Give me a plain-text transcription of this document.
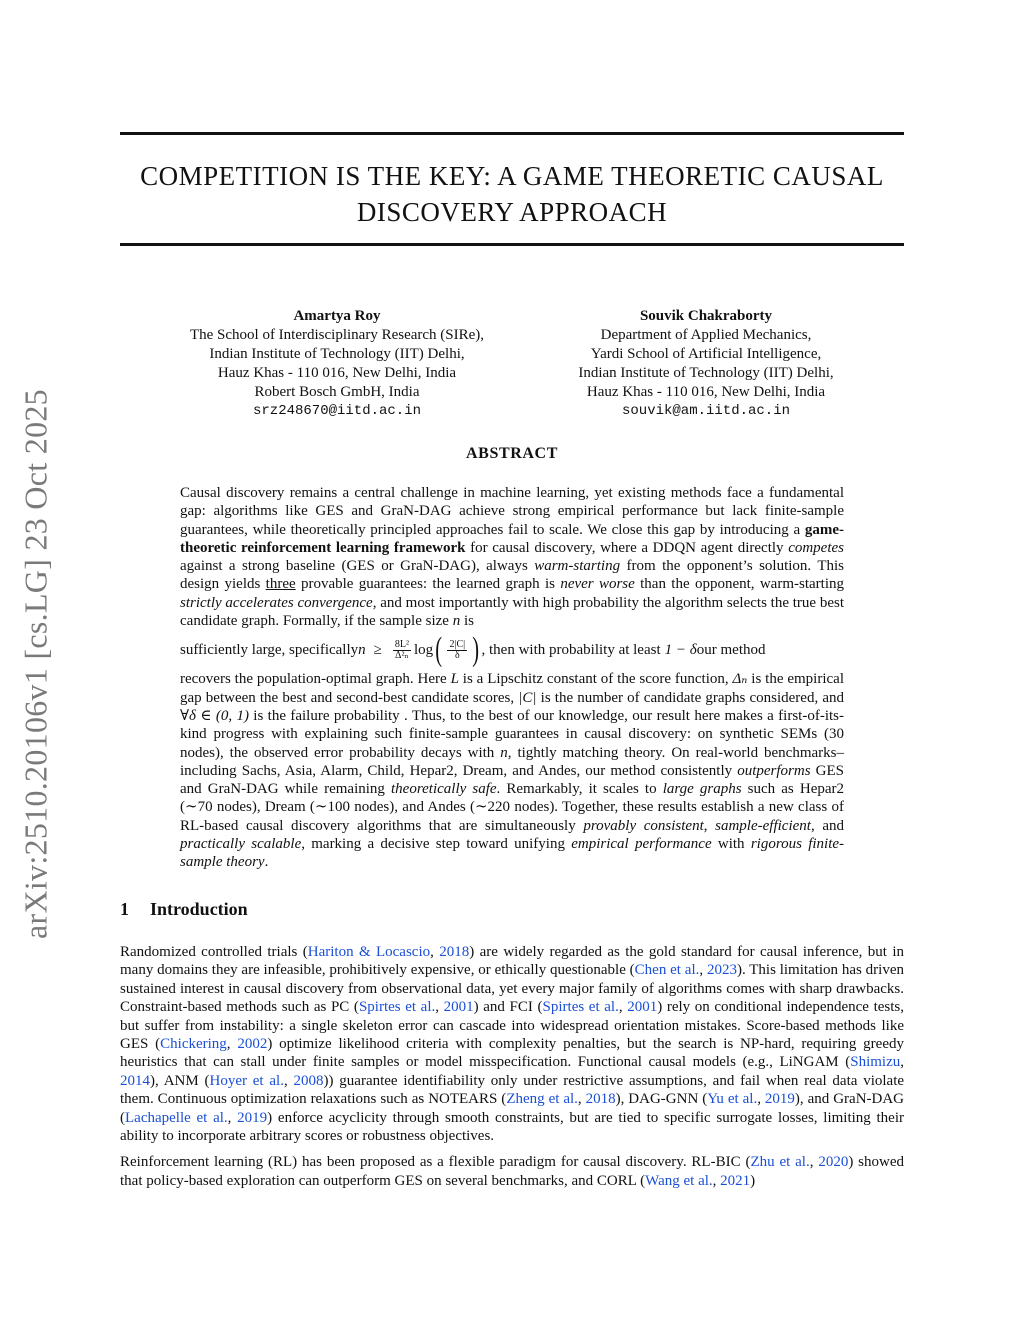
COMPETITION IS THE KEY: A GAME THEORETIC CAUSAL
DISCOVERY APPROACH
arXiv:2510.20106v1 [cs.LG] 23 Oct 2025
Amartya Roy
The School of Interdisciplinary Research (SIRe),
Indian Institute of Technology (IIT) Delhi,
Hauz Khas - 110 016, New Delhi, India
Robert Bosch GmbH, India
srz248670@iitd.ac.in
Souvik Chakraborty
Department of Applied Mechanics,
Yardi School of Artificial Intelligence,
Indian Institute of Technology (IIT) Delhi,
Hauz Khas - 110 016, New Delhi, India
souvik@am.iitd.ac.in
ABSTRACT
Causal discovery remains a central challenge in machine learning, yet existing methods face a fundamental gap: algorithms like GES and GraN-DAG achieve strong empirical performance but lack finite-sample guarantees, while theoretically principled approaches fail to scale. We close this gap by introducing a game-theoretic reinforcement learning framework for causal discovery, where a DDQN agent directly competes against a strong baseline (GES or GraN-DAG), always warm-starting from the opponent’s solution. This design yields three provable guarantees: the learned graph is never worse than the opponent, warm-starting strictly accelerates convergence, and most importantly with high probability the algorithm selects the true best candidate graph. Formally, if the sample size n is
sufficiently large, specifically $n \ge \frac{\text{8L²}}{\text{Δ²ₙ}}$ log ( $\frac{2|C|}{\delta}$ ) , then with probability at least 1 − δ our method
recovers the population-optimal graph. Here L is a Lipschitz constant of the score function, Δₙ is the empirical gap between the best and second-best candidate scores, |C| is the number of candidate graphs considered, and ∀δ ∈ (0, 1) is the failure probability . Thus, to the best of our knowledge, our result here makes a first-of-its-kind progress with explaining such finite-sample guarantees in causal discovery: on synthetic SEMs (30 nodes), the observed error probability decays with n, tightly matching theory. On real-world benchmarks–including Sachs, Asia, Alarm, Child, Hepar2, Dream, and Andes, our method consistently outperforms GES and GraN-DAG while remaining theoretically safe. Remarkably, it scales to large graphs such as Hepar2 (∼70 nodes), Dream (∼100 nodes), and Andes (∼220 nodes). Together, these results establish a new class of RL-based causal discovery algorithms that are simultaneously provably consistent, sample-efficient, and practically scalable, marking a decisive step toward unifying empirical performance with rigorous finite-sample theory.
1 Introduction

Randomized controlled trials (Hariton & Locascio, 2018) are widely regarded as the gold standard for causal inference, but in many domains they are infeasible, prohibitively expensive, or ethically questionable (Chen et al., 2023). This limitation has driven sustained interest in causal discovery from observational data, yet every major family of algorithms comes with sharp drawbacks. Constraint-based methods such as PC (Spirtes et al., 2001) and FCI (Spirtes et al., 2001) rely on conditional independence tests, but suffer from instability: a single skeleton error can cascade into widespread orientation mistakes. Score-based methods like GES (Chickering, 2002) optimize likelihood criteria with complexity penalties, but the search is NP-hard, requiring greedy heuristics that can stall under finite samples or model misspecification. Functional causal models (e.g., LiNGAM (Shimizu, 2014), ANM (Hoyer et al., 2008)) guarantee identifiability only under restrictive assumptions, and fail when real data violate them. Continuous optimization relaxations such as NOTEARS (Zheng et al., 2018), DAG-GNN (Yu et al., 2019), and GraN-DAG (Lachapelle et al., 2019) enforce acyclicity through smooth constraints, but are tied to specific surrogate losses, limiting their ability to incorporate arbitrary scores or robustness objectives.

Reinforcement learning (RL) has been proposed as a flexible paradigm for causal discovery. RL-BIC (Zhu et al., 2020) showed that policy-based exploration can outperform GES on several benchmarks, and CORL (Wang et al., 2021)
